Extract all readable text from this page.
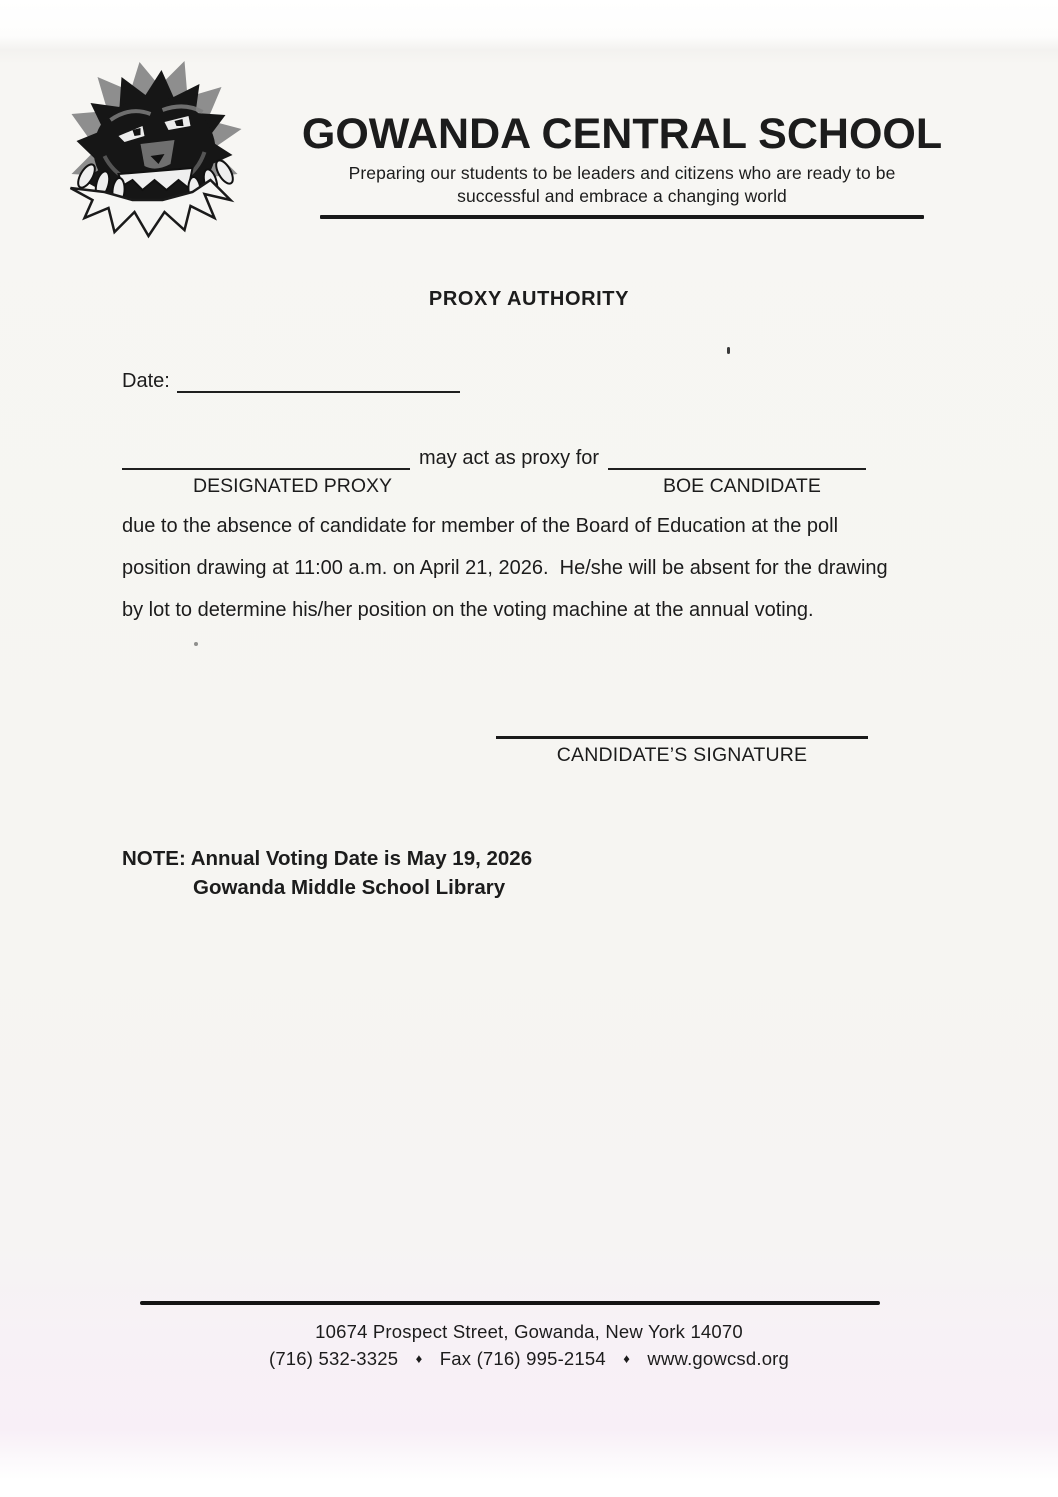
GOWANDA CENTRAL SCHOOL
Preparing our students to be leaders and citizens who are ready to be
successful and embrace a changing world
PROXY AUTHORITY
Date:
may act as proxy for
DESIGNATED PROXY	BOE CANDIDATE
due to the absence of candidate for member of the Board of Education at the poll
position drawing at 11:00 a.m. on April 21, 2026.  He/she will be absent for the drawing
by lot to determine his/her position on the voting machine at the annual voting.
CANDIDATE’S SIGNATURE
NOTE: Annual Voting Date is May 19, 2026
Gowanda Middle School Library
10674 Prospect Street, Gowanda, New York 14070
(716) 532-3325 ♦ Fax (716) 995-2154 ♦ www.gowcsd.org
